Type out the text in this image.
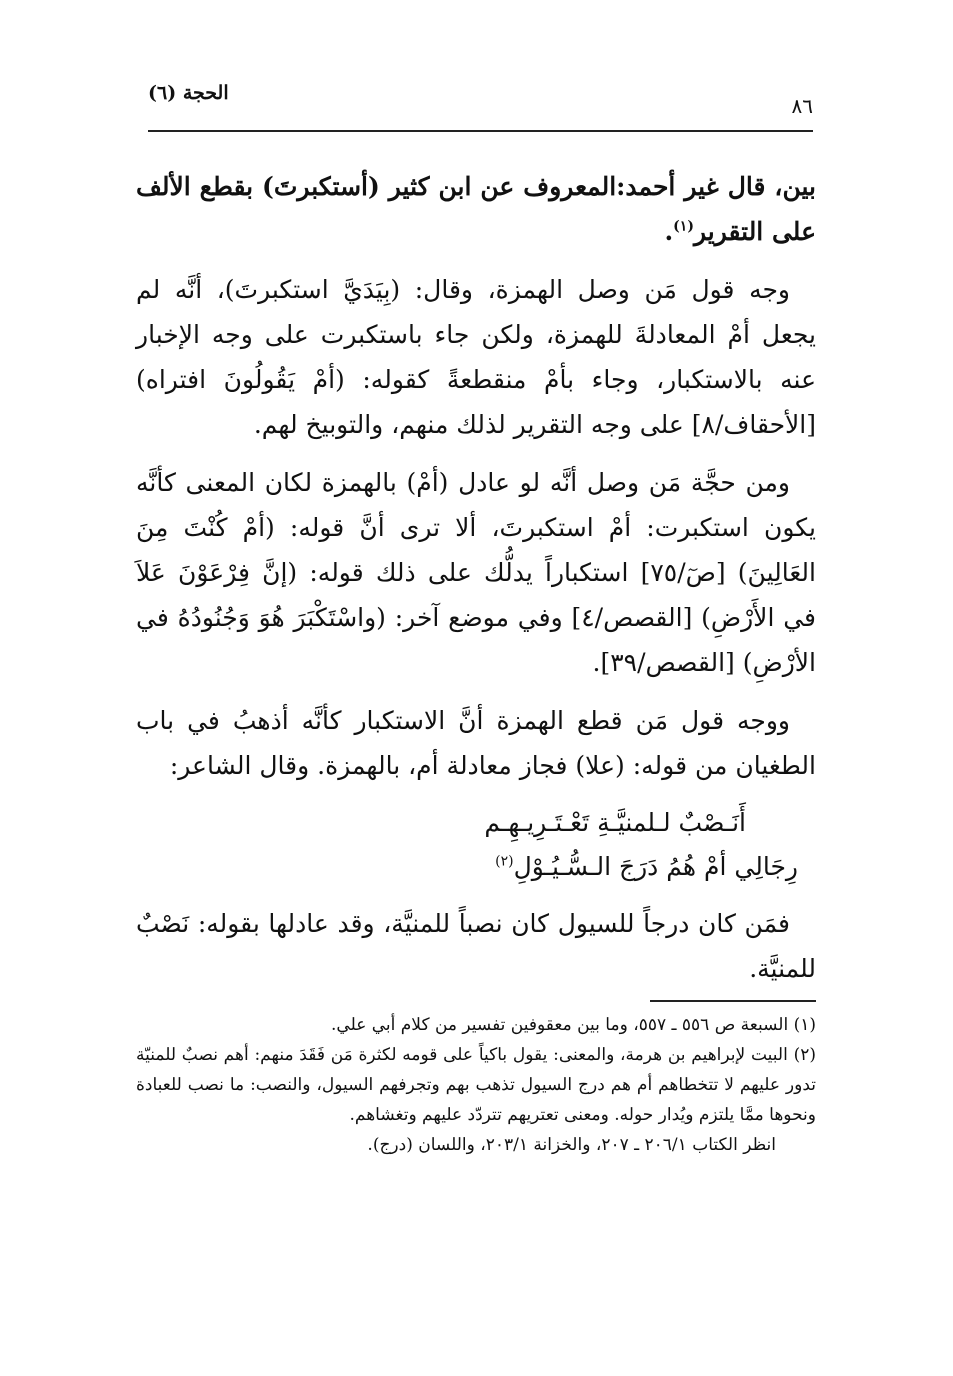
الحجة (٦)
٨٦

بين، قال غير أحمد:المعروف عن ابن كثير (أستكبرتَ) بقطع الألف على التقرير$^{(١)}$.

وجه قول مَن وصل الهمزة، وقال: (بِيَدَيَّ استكبرتَ)، أنَّه لم يجعل أمْ المعادلةَ للهمزة، ولكن جاء باستكبرت على وجه الإخبار عنه بالاستكبار، وجاء بأمْ منقطعةً كقوله: (أمْ يَقُولُونَ افتراه) [الأحقاف/٨] على وجه التقرير لذلك منهم، والتوبيخ لهم.

ومن حجَّة مَن وصل أنَّه لو عادل (أمْ) بالهمزة لكان المعنى كأنَّه يكون استكبرت: أمْ استكبرتَ، ألا ترى أنَّ قوله: (أمْ كُنْتَ مِنَ العَالِينَ) [صٓ/٧٥] استكباراً يدلُّك على ذلك قوله: (إنَّ فِرْعَوْنَ عَلاَ في الأَرْضِ) [القصص/٤] وفي موضع آخر: (واسْتَكْبَرَ هُوَ وَجُنُودُهُ في الأرْضِ) [القصص/٣٩].

ووجه قول مَن قطع الهمزة أنَّ الاستكبار كأنَّه أذهبُ في باب الطغيان من قوله: (علا) فجاز معادلة أم، بالهمزة. وقال الشاعر:

أَنَـصْبٌ لـلمنيَّـةِ تَعْـتَـرِيـهِـم
رِجَالِي أمْ هُمُ دَرَجَ الـسُّـيُـوْلِ$^{(٢)}$

فمَن كان درجاً للسيول كان نصباً للمنيَّة، وقد عادلها بقوله: نَصْبٌ للمنيَّة.

(١) السبعة ص ٥٥٦ ـ ٥٥٧، وما بين معقوفين تفسير من كلام أبي علي.

(٢) البيت لإبراهيم بن هرمة، والمعنى: يقول باكياً على قومه لكثرة مَن فَقَدَ منهم: أهم نصبٌ للمنيّة تدور عليهم لا تتخطاهم أم هم درج السيول تذهب بهم وتجرفهم السيول، والنصب: ما نصب للعبادة ونحوها ممَّا يلتزم ويُدار حوله. ومعنى تعتريهم تتردّد عليهم وتغشاهم.

انظر الكتاب ٢٠٦/١ ـ ٢٠٧، والخزانة ٢٠٣/١، واللسان (درج).
